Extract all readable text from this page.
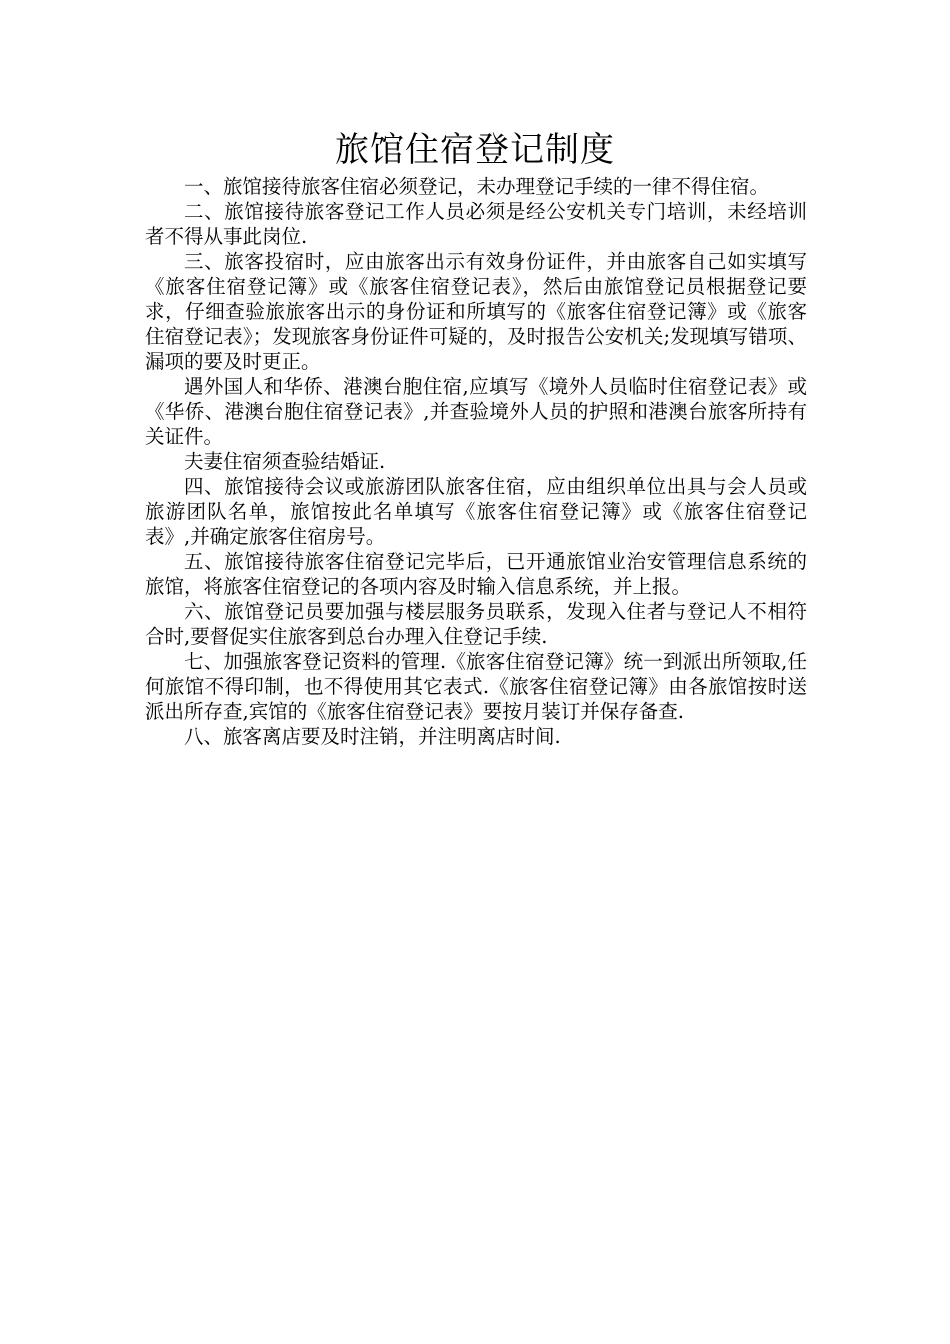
旅馆住宿登记制度

一、旅馆接待旅客住宿必须登记，未办理登记手续的一律不得住宿。

二、旅馆接待旅客登记工作人员必须是经公安机关专门培训，未经培训者不得从事此岗位.

三、旅客投宿时，应由旅客出示有效身份证件，并由旅客自己如实填写《旅客住宿登记簿》或《旅客住宿登记表》，然后由旅馆登记员根据登记要求，仔细查验旅旅客出示的身份证和所填写的《旅客住宿登记簿》或《旅客住宿登记表》；发现旅客身份证件可疑的，及时报告公安机关;发现填写错项、漏项的要及时更正。

遇外国人和华侨、港澳台胞住宿,应填写《境外人员临时住宿登记表》或《华侨、港澳台胞住宿登记表》,并查验境外人员的护照和港澳台旅客所持有关证件。

夫妻住宿须查验结婚证.

四、旅馆接待会议或旅游团队旅客住宿，应由组织单位出具与会人员或旅游团队名单，旅馆按此名单填写《旅客住宿登记簿》或《旅客住宿登记表》,并确定旅客住宿房号。

五、旅馆接待旅客住宿登记完毕后，已开通旅馆业治安管理信息系统的旅馆，将旅客住宿登记的各项内容及时输入信息系统，并上报。

六、旅馆登记员要加强与楼层服务员联系，发现入住者与登记人不相符合时,要督促实住旅客到总台办理入住登记手续.

七、加强旅客登记资料的管理.《旅客住宿登记簿》统一到派出所领取,任何旅馆不得印制，也不得使用其它表式.《旅客住宿登记簿》由各旅馆按时送派出所存查,宾馆的《旅客住宿登记表》要按月装订并保存备查.

八、旅客离店要及时注销，并注明离店时间.
